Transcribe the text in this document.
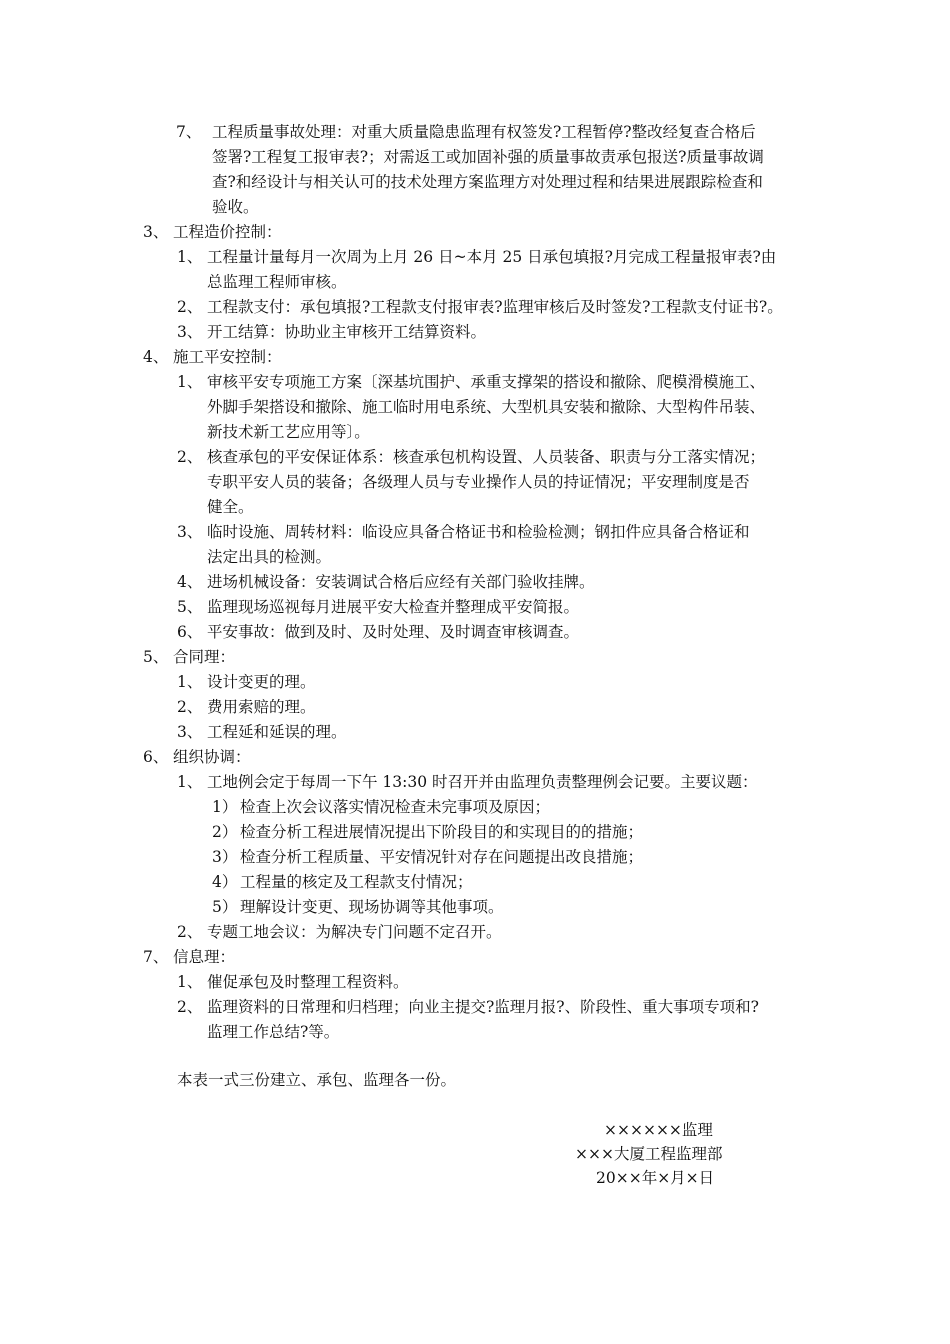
7、 工程质量事故处理：对重大质量隐患监理有权签发?工程暂停?整改经复查合格后
签署?工程复工报审表?；对需返工或加固补强的质量事故责承包报送?质量事故调
查?和经设计与相关认可的技术处理方案监理方对处理过程和结果进展跟踪检查和
验收。
3、 工程造价控制：
1、 工程量计量每月一次周为上月 26 日~本月 25 日承包填报?月完成工程量报审表?由
总监理工程师审核。
2、 工程款支付：承包填报?工程款支付报审表?监理审核后及时签发?工程款支付证书?。
3、 开工结算：协助业主审核开工结算资料。
4、 施工平安控制：
1、 审核平安专项施工方案〔深基坑围护、承重支撑架的搭设和撤除、爬模滑模施工、
外脚手架搭设和撤除、施工临时用电系统、大型机具安装和撤除、大型构件吊装、
新技术新工艺应用等〕。
2、 核查承包的平安保证体系：核查承包机构设置、人员装备、职责与分工落实情况；
专职平安人员的装备；各级理人员与专业操作人员的持证情况；平安理制度是否
健全。
3、 临时设施、周转材料：临设应具备合格证书和检验检测；钢扣件应具备合格证和
法定出具的检测。
4、 进场机械设备：安装调试合格后应经有关部门验收挂牌。
5、 监理现场巡视每月进展平安大检查并整理成平安简报。
6、 平安事故：做到及时、及时处理、及时调查审核调查。
5、 合同理：
1、 设计变更的理。
2、 费用索赔的理。
3、 工程延和延误的理。
6、 组织协调：
1、 工地例会定于每周一下午 13:30 时召开并由监理负责整理例会记要。主要议题：
1） 检查上次会议落实情况检查未完事项及原因；
2） 检查分析工程进展情况提出下阶段目的和实现目的的措施；
3） 检查分析工程质量、平安情况针对存在问题提出改良措施；
4） 工程量的核定及工程款支付情况；
5） 理解设计变更、现场协调等其他事项。
2、 专题工地会议：为解决专门问题不定召开。
7、 信息理：
1、 催促承包及时整理工程资料。
2、 监理资料的日常理和归档理；向业主提交?监理月报?、阶段性、重大事项专项和?
监理工作总结?等。
本表一式三份建立、承包、监理各一份。
××××××监理
×××大厦工程监理部
20××年×月×日
